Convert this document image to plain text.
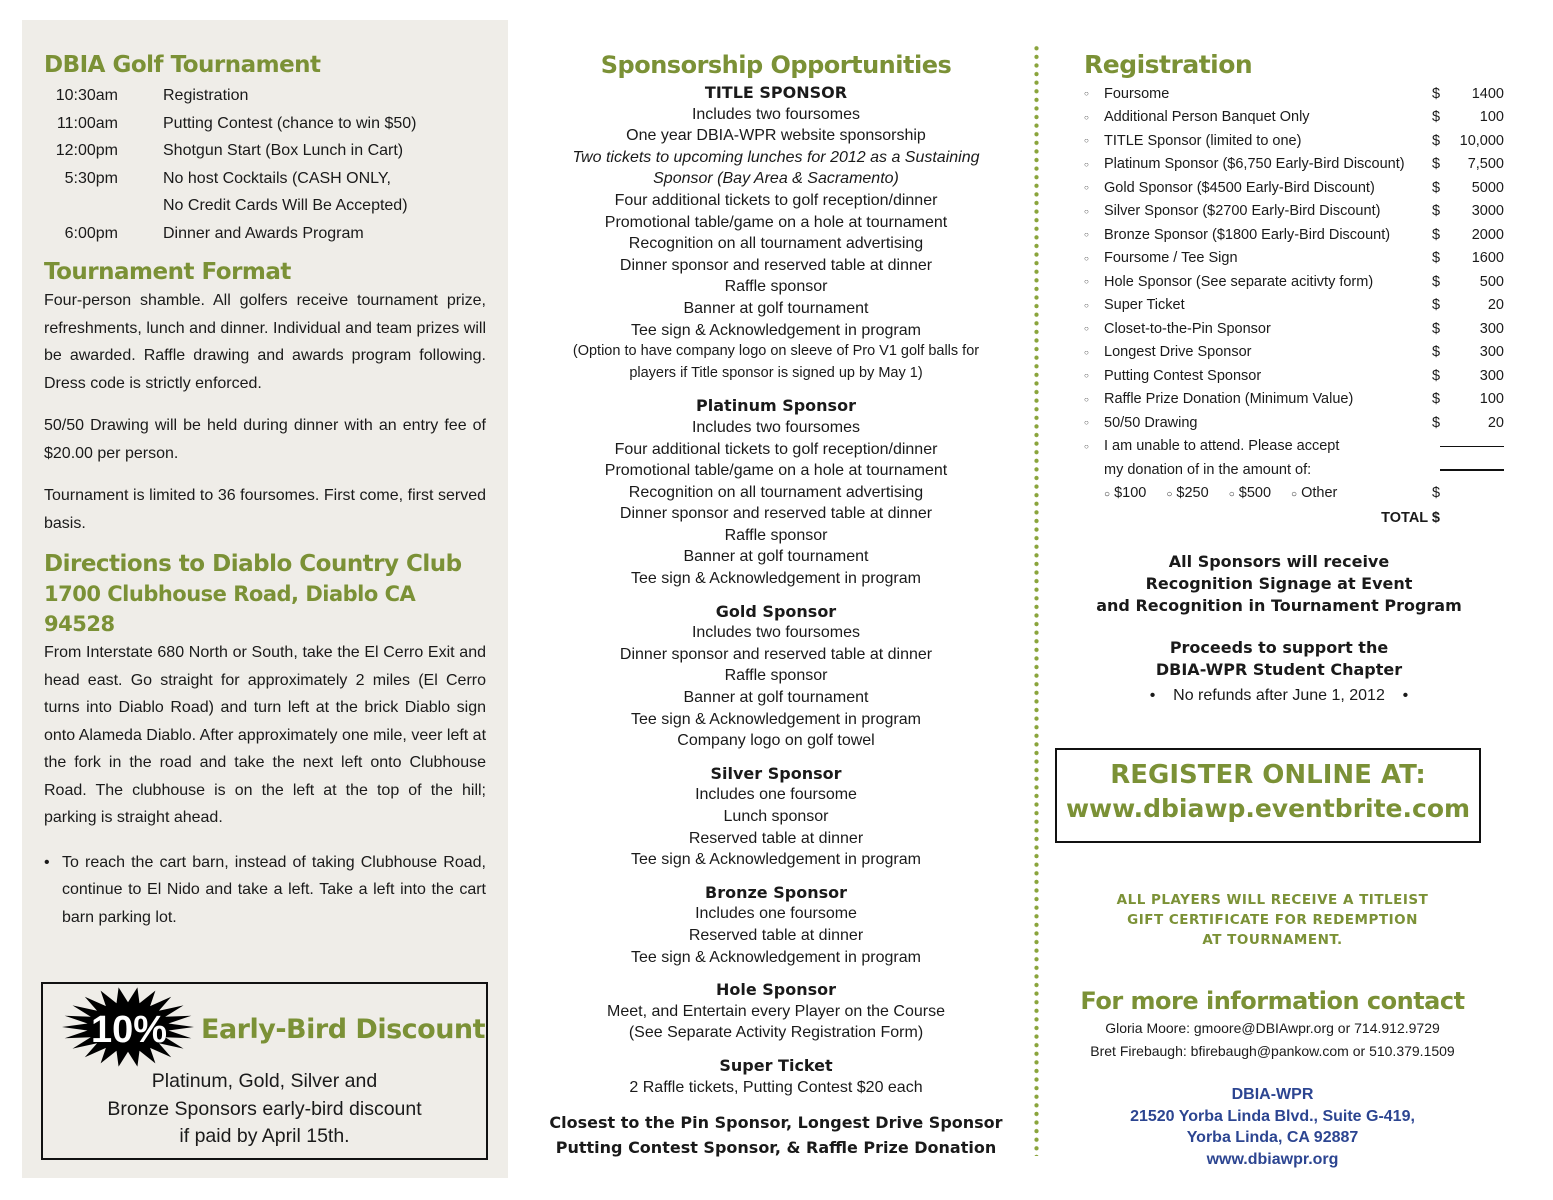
DBIA Golf Tournament
10:30am	Registration
11:00am	Putting Contest (chance to win $50)
12:00pm	Shotgun Start (Box Lunch in Cart)
5:30pm	No host Cocktails (CASH ONLY,
No Credit Cards Will Be Accepted)
6:00pm	Dinner and Awards Program
Tournament Format

Four-person shamble. All golfers receive tournament prize, refreshments, lunch and dinner. Individual and team prizes will be awarded. Raffle drawing and awards program following. Dress code is strictly enforced.

50/50 Drawing will be held during dinner with an entry fee of $20.00 per person.

Tournament is limited to 36 foursomes. First come, first served basis.

Directions to Diablo Country Club
1700 Clubhouse Road, Diablo CA 94528

From Interstate 680 North or South, take the El Cerro Exit and head east. Go straight for approximately 2 miles (El Cerro turns into Diablo Road) and turn left at the brick Diablo sign onto Alameda Diablo. After approximately one mile, veer left at the fork in the road and take the next left onto Clubhouse Road. The clubhouse is on the left at the top of the hill; parking is straight ahead.

• To reach the cart barn, instead of taking Clubhouse Road, continue to El Nido and take a left. Take a left into the cart barn parking lot.
10% Early-Bird Discount
Platinum, Gold, Silver and
Bronze Sponsors early-bird discount
if paid by April 15th.
Sponsorship Opportunities
TITLE SPONSOR
Includes two foursomes
One year DBIA-WPR website sponsorship
Two tickets to upcoming lunches for 2012 as a Sustaining
Sponsor (Bay Area & Sacramento)
Four additional tickets to golf reception/dinner
Promotional table/game on a hole at tournament
Recognition on all tournament advertising
Dinner sponsor and reserved table at dinner
Raffle sponsor
Banner at golf tournament
Tee sign & Acknowledgement in program
(Option to have company logo on sleeve of Pro V1 golf balls for
players if Title sponsor is signed up by May 1)
Platinum Sponsor
Includes two foursomes
Four additional tickets to golf reception/dinner
Promotional table/game on a hole at tournament
Recognition on all tournament advertising
Dinner sponsor and reserved table at dinner
Raffle sponsor
Banner at golf tournament
Tee sign & Acknowledgement in program
Gold Sponsor
Includes two foursomes
Dinner sponsor and reserved table at dinner
Raffle sponsor
Banner at golf tournament
Tee sign & Acknowledgement in program
Company logo on golf towel
Silver Sponsor
Includes one foursome
Lunch sponsor
Reserved table at dinner
Tee sign & Acknowledgement in program
Bronze Sponsor
Includes one foursome
Reserved table at dinner
Tee sign & Acknowledgement in program
Hole Sponsor
Meet, and Entertain every Player on the Course
(See Separate Activity Registration Form)
Super Ticket
2 Raffle tickets, Putting Contest $20 each
Closest to the Pin Sponsor, Longest Drive Sponsor
Putting Contest Sponsor, & Raffle Prize Donation
Registration
○	Foursome	$	1400
○	Additional Person Banquet Only	$	100
○	TITLE Sponsor (limited to one)	$	10,000
○	Platinum Sponsor ($6,750 Early-Bird Discount)	$	7,500
○	Gold Sponsor ($4500 Early-Bird Discount)	$	5000
○	Silver Sponsor ($2700 Early-Bird Discount)	$	3000
○	Bronze Sponsor ($1800 Early-Bird Discount)	$	2000
○	Foursome / Tee Sign	$	1600
○	Hole Sponsor (See separate acitivty form)	$	500
○	Super Ticket	$	20
○	Closet-to-the-Pin Sponsor	$	300
○	Longest Drive Sponsor	$	300
○	Putting Contest Sponsor	$	300
○	Raffle Prize Donation (Minimum Value)	$	100
○	50/50 Drawing	$	20
○	I am unable to attend. Please accept
my donation of in the amount of:
○ $100 ○ $250 ○ $500 ○ Other	$
TOTAL $
All Sponsors will receive
Recognition Signage at Event
and Recognition in Tournament Program
Proceeds to support the
DBIA-WPR Student Chapter
•    No refunds after June 1, 2012    •
REGISTER ONLINE AT:
www.dbiawp.eventbrite.com
ALL PLAYERS WILL RECEIVE A TITLEIST
GIFT CERTIFICATE FOR REDEMPTION
AT TOURNAMENT.
For more information contact
Gloria Moore: gmoore@DBIAwpr.org or 714.912.9729
Bret Firebaugh: bfirebaugh@pankow.com or 510.379.1509
DBIA-WPR
21520 Yorba Linda Blvd., Suite G-419,
Yorba Linda, CA 92887
www.dbiawpr.org
